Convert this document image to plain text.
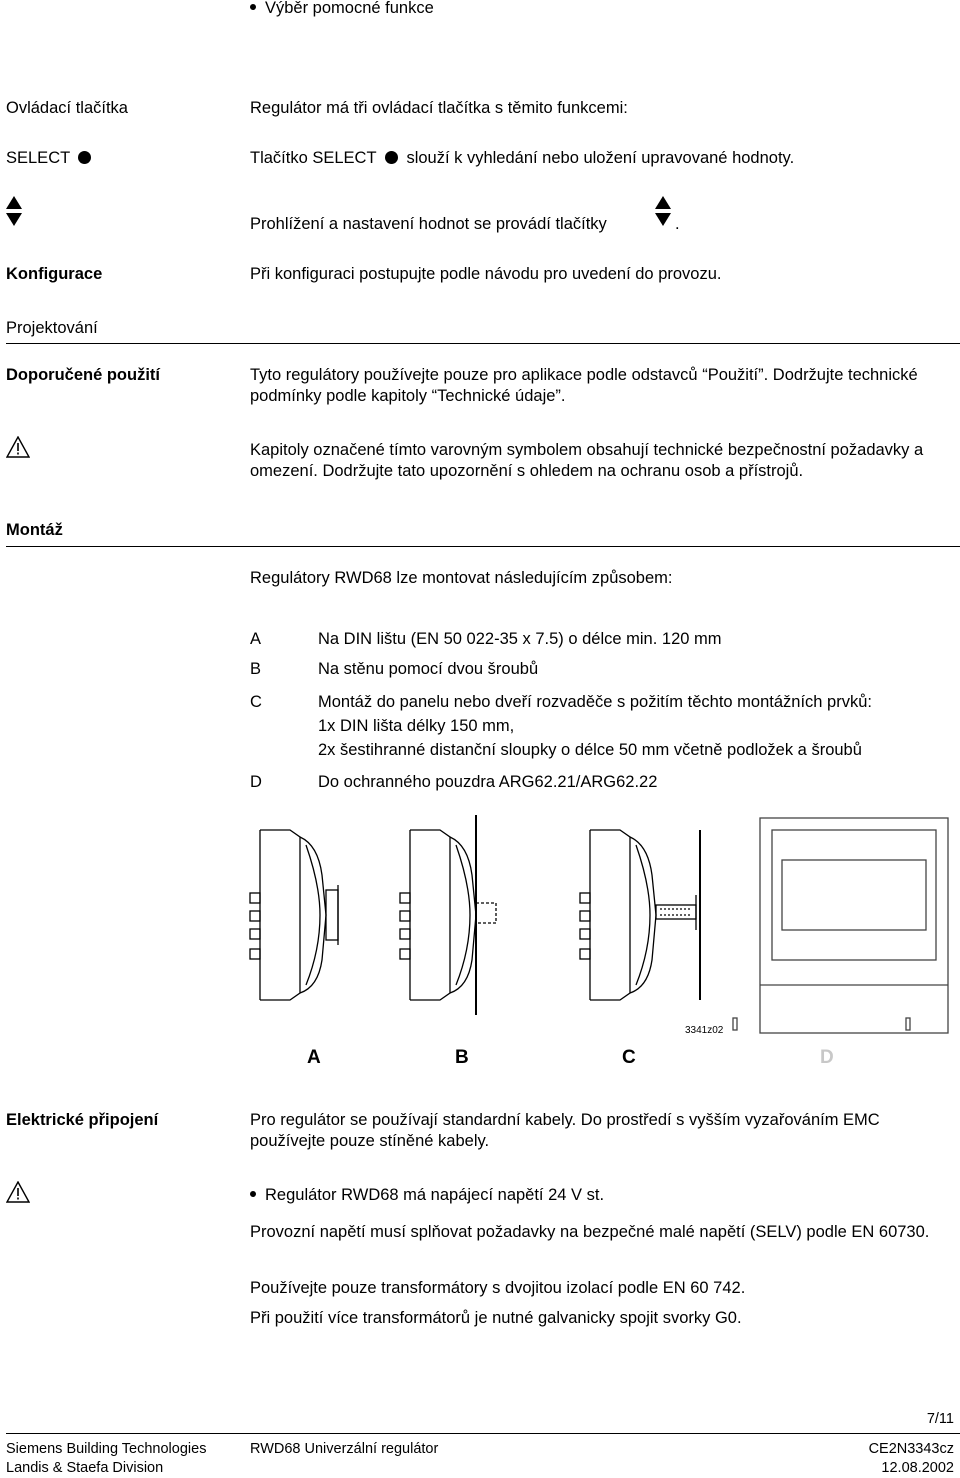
Výběr pomocné funkce
Ovládací tlačítka	Regulátor má tři ovládací tlačítka s těmito funkcemi:
SELECT	Tlačítko SELECT slouží k vyhledání nebo uložení upravované hodnoty.

Prohlížení a nastavení hodnot se provádí tlačítky	.
Konfigurace	Při konfiguraci postupujte podle návodu pro uvedení do provozu.
Projektování
Doporučené použití	Tyto regulátory používejte pouze pro aplikace podle odstavců “Použití”. Dodržujte technické podmínky podle kapitoly “Technické údaje”.
Kapitoly označené tímto varovným symbolem obsahují technické bezpečnostní požadavky a omezení. Dodržujte tato upozornění s ohledem na ochranu osob a přístrojů.
Montáž
Regulátory RWD68 lze montovat následujícím způsobem:
A	Na DIN lištu (EN 50 022-35 x 7.5) o délce min. 120 mm
B	Na stěnu pomocí dvou šroubů
C	Montáž do panelu nebo dveří rozvaděče s požitím těchto montážních prvků:
1x DIN lišta délky 150 mm,
2x šestihranné distanční sloupky o délce 50 mm včetně podložek a šroubů
D	Do ochranného pouzdra ARG62.21/ARG62.22
3341z02
A	B	C	D
Elektrické připojení	Pro regulátor se používají standardní kabely. Do prostředí s vyšším vyzařováním EMC používejte pouze stíněné kabely.
Regulátor RWD68 má napájecí napětí 24 V st.
Provozní napětí musí splňovat požadavky na bezpečné malé napětí (SELV) podle EN 60730.
Používejte pouze transformátory s dvojitou izolací podle EN 60 742.
Při použití více transformátorů je nutné galvanicky spojit svorky G0.
7/11
Siemens Building Technologies
Landis & Staefa Division
RWD68 Univerzální regulátor	CE2N3343cz
12.08.2002
